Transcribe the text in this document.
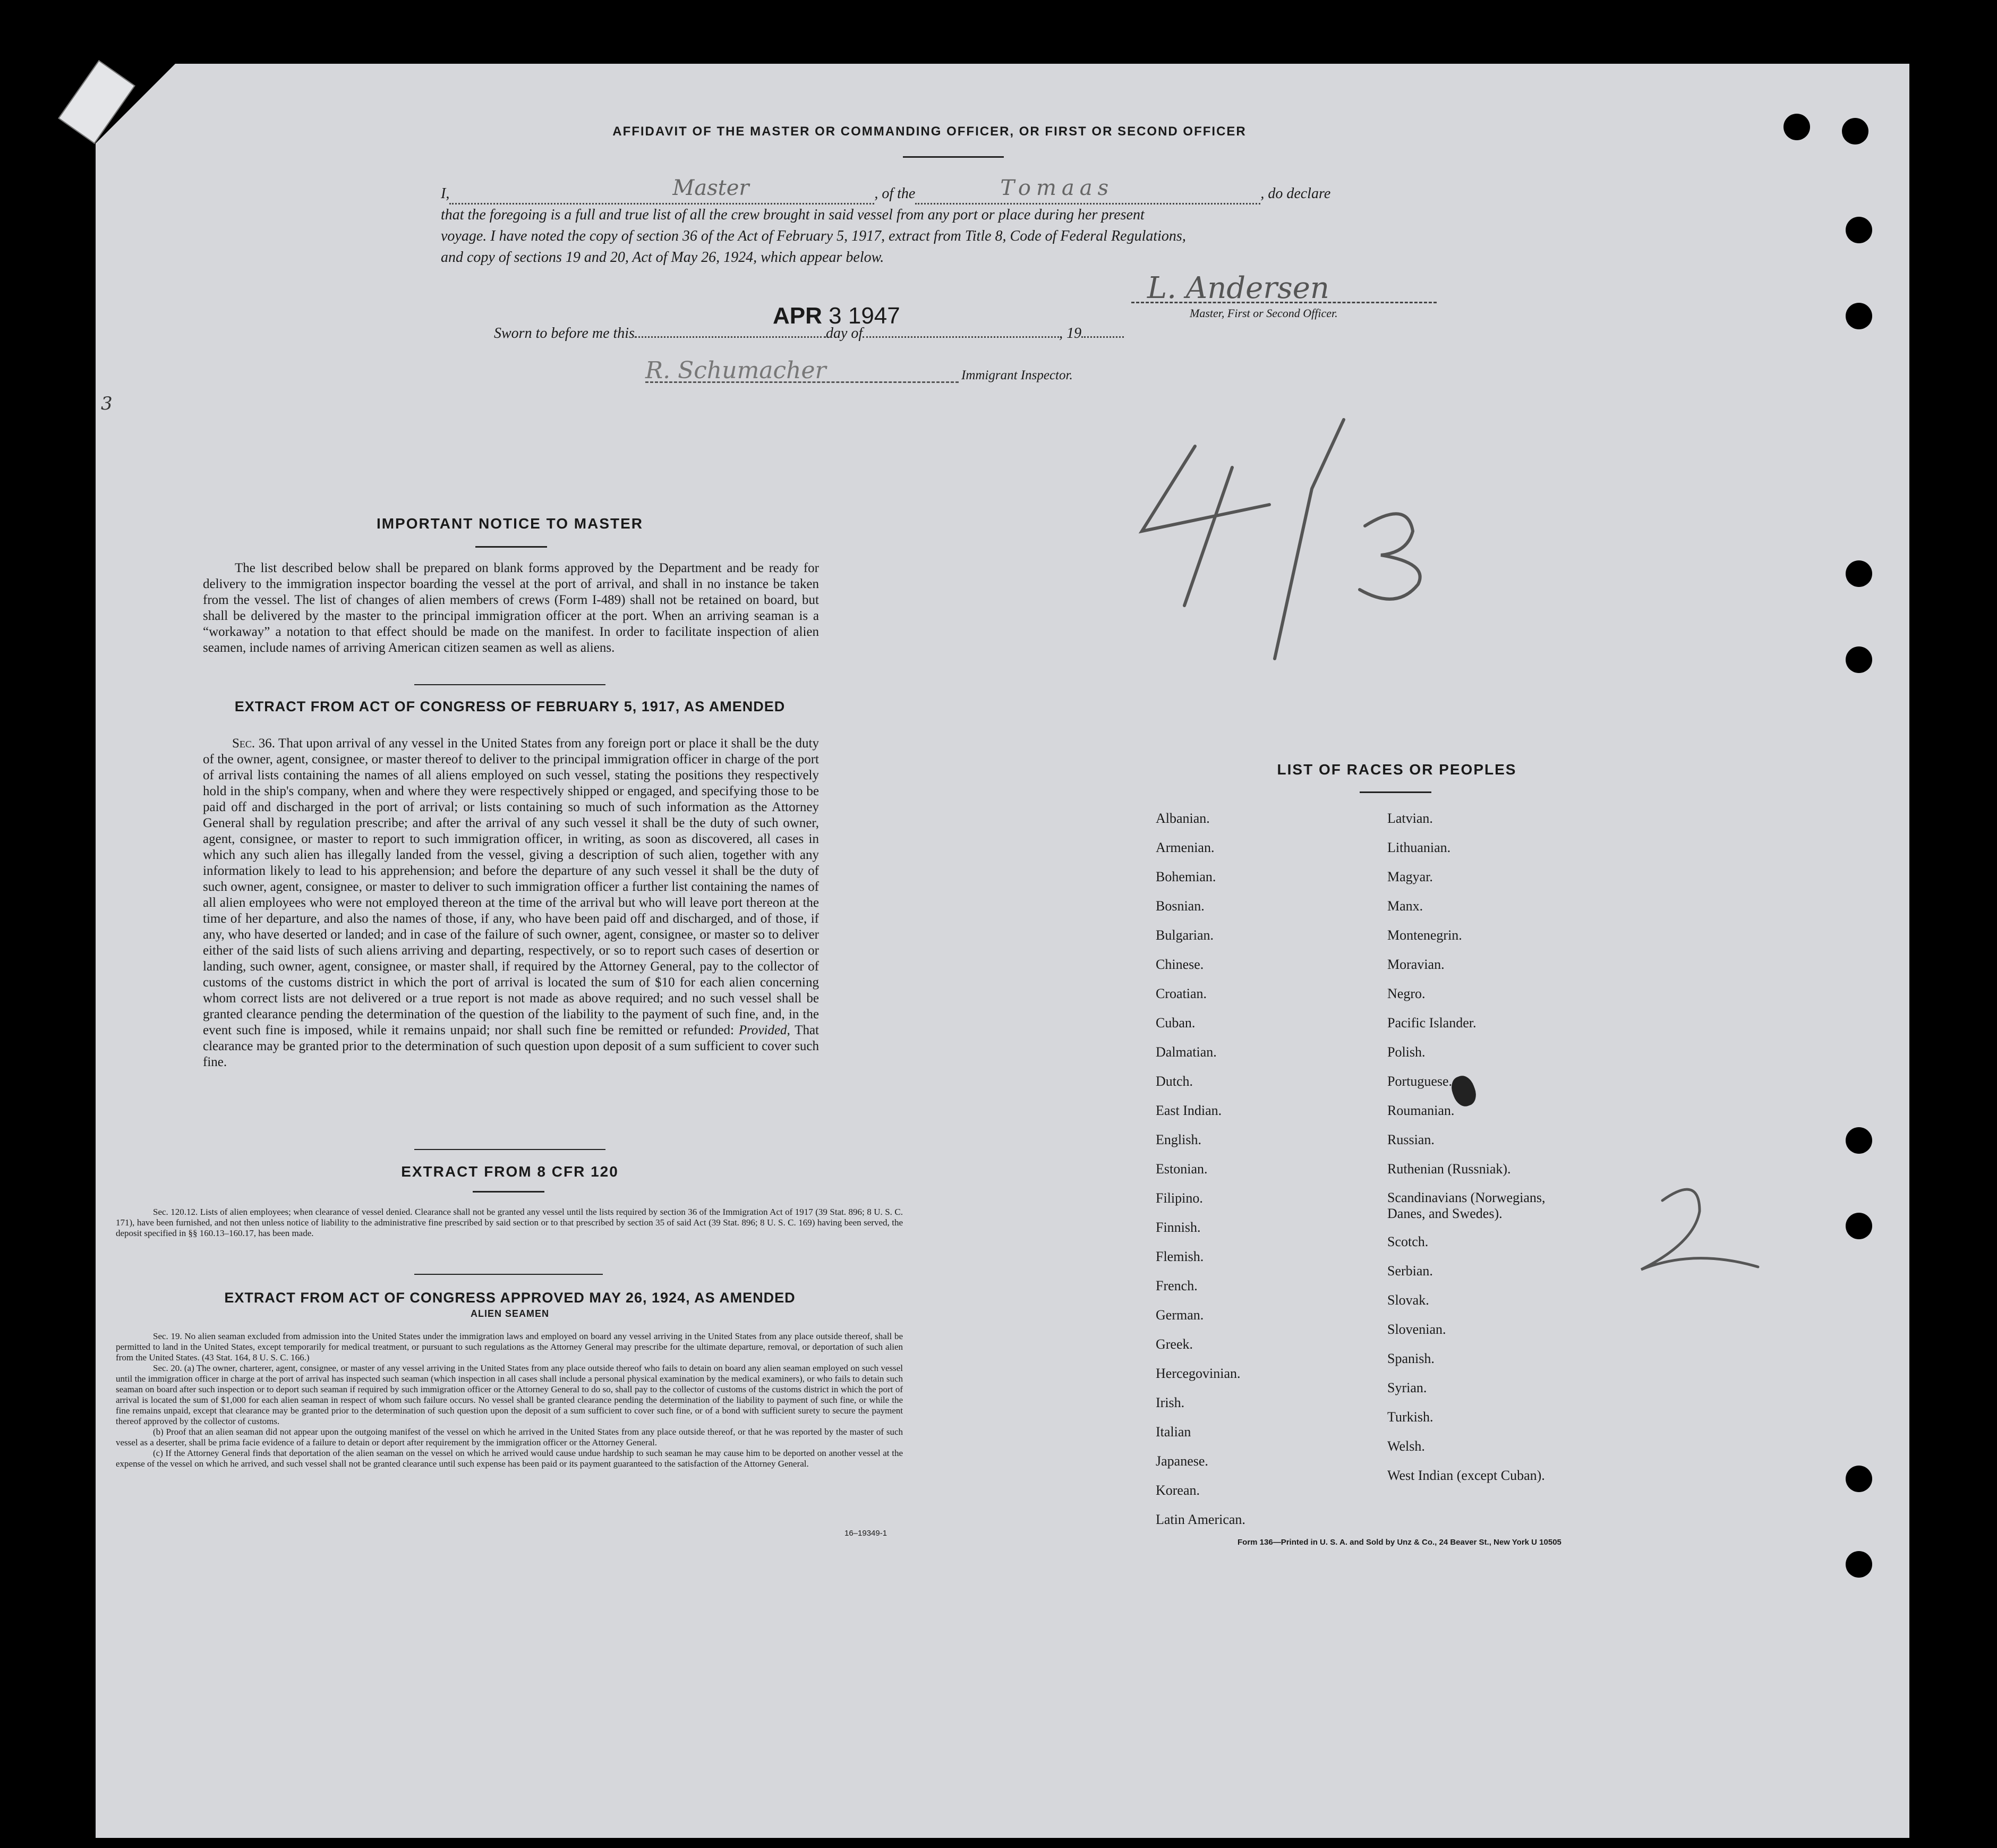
AFFIDAVIT OF THE MASTER OR COMMANDING OFFICER, OR FIRST OR SECOND OFFICER
I,	Master	, of the	Tomaas	, do declare
that the foregoing is a full and true list of all the crew brought in said vessel from any port or place during her present
voyage. I have noted the copy of section 36 of the Act of February 5, 1917, extract from Title 8, Code of Federal Regulations,
and copy of sections 19 and 20, Act of May 26, 1924, which appear below.
L. Andersen
Master, First or Second Officer.
Sworn to before me this	day of	, 19
APR 3 1947
R. Schumacher	Immigrant Inspector.
3
IMPORTANT NOTICE TO MASTER
The list described below shall be prepared on blank forms approved by the Department and be ready for delivery to the immigration inspector boarding the vessel at the port of arrival, and shall in no instance be taken from the vessel. The list of changes of alien members of crews (Form I-489) shall not be retained on board, but shall be delivered by the master to the principal immigration officer at the port. When an arriving seaman is a “workaway” a notation to that effect should be made on the manifest. In order to facilitate inspection of alien seamen, include names of arriving American citizen seamen as well as aliens.
EXTRACT FROM ACT OF CONGRESS OF FEBRUARY 5, 1917, AS AMENDED
Sec. 36. That upon arrival of any vessel in the United States from any foreign port or place it shall be the duty of the owner, agent, consignee, or master thereof to deliver to the principal immigration officer in charge of the port of arrival lists containing the names of all aliens employed on such vessel, stating the positions they respectively hold in the ship's company, when and where they were respectively shipped or engaged, and specifying those to be paid off and discharged in the port of arrival; or lists containing so much of such information as the Attorney General shall by regulation prescribe; and after the arrival of any such vessel it shall be the duty of such owner, agent, consignee, or master to report to such immigration officer, in writing, as soon as discovered, all cases in which any such alien has illegally landed from the vessel, giving a description of such alien, together with any information likely to lead to his apprehension; and before the departure of any such vessel it shall be the duty of such owner, agent, consignee, or master to deliver to such immigration officer a further list containing the names of all alien employees who were not employed thereon at the time of the arrival but who will leave port thereon at the time of her departure, and also the names of those, if any, who have been paid off and discharged, and of those, if any, who have deserted or landed; and in case of the failure of such owner, agent, consignee, or master so to deliver either of the said lists of such aliens arriving and departing, respectively, or so to report such cases of desertion or landing, such owner, agent, consignee, or master shall, if required by the Attorney General, pay to the collector of customs of the customs district in which the port of arrival is located the sum of $10 for each alien concerning whom correct lists are not delivered or a true report is not made as above required; and no such vessel shall be granted clearance pending the determination of the question of the liability to the payment of such fine, and, in the event such fine is imposed, while it remains unpaid; nor shall such fine be remitted or refunded: Provided, That clearance may be granted prior to the determination of such question upon deposit of a sum sufficient to cover such fine.
EXTRACT FROM 8 CFR 120
Sec. 120.12. Lists of alien employees; when clearance of vessel denied. Clearance shall not be granted any vessel until the lists required by section 36 of the Immigration Act of 1917 (39 Stat. 896; 8 U. S. C. 171), have been furnished, and not then unless notice of liability to the administrative fine prescribed by said section or to that prescribed by section 35 of said Act (39 Stat. 896; 8 U. S. C. 169) having been served, the deposit specified in §§ 160.13–160.17, has been made.
EXTRACT FROM ACT OF CONGRESS APPROVED MAY 26, 1924, AS AMENDED
ALIEN SEAMEN
Sec. 19. No alien seaman excluded from admission into the United States under the immigration laws and employed on board any vessel arriving in the United States from any place outside thereof, shall be permitted to land in the United States, except temporarily for medical treatment, or pursuant to such regulations as the Attorney General may prescribe for the ultimate departure, removal, or deportation of such alien from the United States. (43 Stat. 164, 8 U. S. C. 166.)
Sec. 20. (a) The owner, charterer, agent, consignee, or master of any vessel arriving in the United States from any place outside thereof who fails to detain on board any alien seaman employed on such vessel until the immigration officer in charge at the port of arrival has inspected such seaman (which inspection in all cases shall include a personal physical examination by the medical examiners), or who fails to detain such seaman on board after such inspection or to deport such seaman if required by such immigration officer or the Attorney General to do so, shall pay to the collector of customs of the customs district in which the port of arrival is located the sum of $1,000 for each alien seaman in respect of whom such failure occurs. No vessel shall be granted clearance pending the determination of the liability to payment of such fine, or while the fine remains unpaid, except that clearance may be granted prior to the determination of such question upon the deposit of a sum sufficient to cover such fine, or of a bond with sufficient surety to secure the payment thereof approved by the collector of customs.
(b) Proof that an alien seaman did not appear upon the outgoing manifest of the vessel on which he arrived in the United States from any place outside thereof, or that he was reported by the master of such vessel as a deserter, shall be prima facie evidence of a failure to detain or deport after requirement by the immigration officer or the Attorney General.
(c) If the Attorney General finds that deportation of the alien seaman on the vessel on which he arrived would cause undue hardship to such seaman he may cause him to be deported on another vessel at the expense of the vessel on which he arrived, and such vessel shall not be granted clearance until such expense has been paid or its payment guaranteed to the satisfaction of the Attorney General.
16–19349-1
LIST OF RACES OR PEOPLES
Albanian.
Armenian.
Bohemian.
Bosnian.
Bulgarian.
Chinese.
Croatian.
Cuban.
Dalmatian.
Dutch.
East Indian.
English.
Estonian.
Filipino.
Finnish.
Flemish.
French.
German.
Greek.
Hercegovinian.
Irish.
Italian
Japanese.
Korean.
Latin American.
Latvian.
Lithuanian.
Magyar.
Manx.
Montenegrin.
Moravian.
Negro.
Pacific Islander.
Polish.
Portuguese.
Roumanian.
Russian.
Ruthenian (Russniak).
Scandinavians (Norwegians,
Danes, and Swedes).
Scotch.
Serbian.
Slovak.
Slovenian.
Spanish.
Syrian.
Turkish.
Welsh.
West Indian (except Cuban).
Form 136—Printed in U. S. A. and Sold by Unz & Co., 24 Beaver St., New York U 10505
